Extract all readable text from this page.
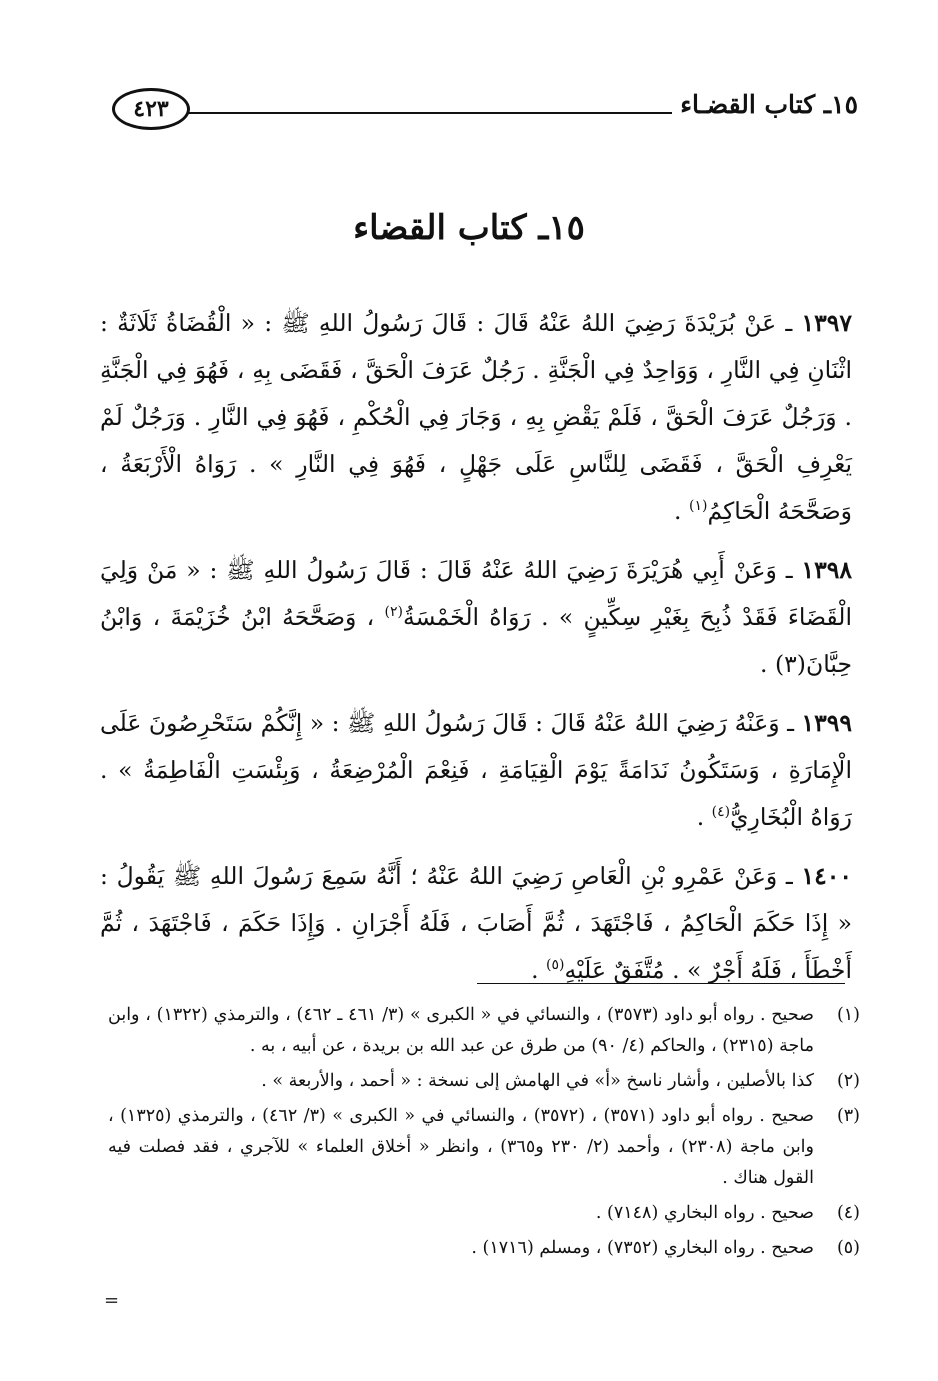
١٥ـ كتاب القضـاء
٤٢٣
١٥ـ كتاب القضاء

١٣٩٧ ـ عَنْ بُرَيْدَةَ رَضِيَ اللهُ عَنْهُ قَالَ : قَالَ رَسُولُ اللهِ ﷺ : « الْقُضَاةُ ثَلَاثَةٌ : اثْنَانِ فِي النَّارِ ، وَوَاحِدٌ فِي الْجَنَّةِ . رَجُلٌ عَرَفَ الْحَقَّ ، فَقَضَى بِهِ ، فَهُوَ فِي الْجَنَّةِ . وَرَجُلٌ عَرَفَ الْحَقَّ ، فَلَمْ يَقْضِ بِهِ ، وَجَارَ فِي الْحُكْمِ ، فَهُوَ فِي النَّارِ . وَرَجُلٌ لَمْ يَعْرِفِ الْحَقَّ ، فَقَضَى لِلنَّاسِ عَلَى جَهْلٍ ، فَهُوَ فِي النَّارِ » . رَوَاهُ الْأَرْبَعَةُ ، وَصَحَّحَهُ الْحَاكِمُ$^{(١)}$ .

١٣٩٨ ـ وَعَنْ أَبِي هُرَيْرَةَ رَضِيَ اللهُ عَنْهُ قَالَ : قَالَ رَسُولُ اللهِ ﷺ : « مَنْ وَلِيَ الْقَضَاءَ فَقَدْ ذُبِحَ بِغَيْرِ سِكِّينٍ » . رَوَاهُ الْخَمْسَةُ$^{(٢)}$ ، وَصَحَّحَهُ ابْنُ خُزَيْمَةَ ، وَابْنُ حِبَّانَ(٣) .

١٣٩٩ ـ وَعَنْهُ رَضِيَ اللهُ عَنْهُ قَالَ : قَالَ رَسُولُ اللهِ ﷺ : « إِنَّكُمْ سَتَحْرِصُونَ عَلَى الْإِمَارَةِ ، وَسَتَكُونُ نَدَامَةً يَوْمَ الْقِيَامَةِ ، فَنِعْمَ الْمُرْضِعَةُ ، وَبِئْسَتِ الْفَاطِمَةُ » . رَوَاهُ الْبُخَارِيُّ$^{(٤)}$ .

١٤٠٠ ـ وَعَنْ عَمْرِو بْنِ الْعَاصِ رَضِيَ اللهُ عَنْهُ ؛ أَنَّهُ سَمِعَ رَسُولَ اللهِ ﷺ يَقُولُ : « إِذَا حَكَمَ الْحَاكِمُ ، فَاجْتَهَدَ ، ثُمَّ أَصَابَ ، فَلَهُ أَجْرَانِ . وَإِذَا حَكَمَ ، فَاجْتَهَدَ ، ثُمَّ أَخْطَأَ ، فَلَهُ أَجْرٌ » . مُتَّفَقٌ عَلَيْهِ$^{(٥)}$ .

(١)
صحيح . رواه أبو داود (٣٥٧٣) ، والنسائي في « الكبرى » (٣/ ٤٦١ ـ ٤٦٢) ، والترمذي (١٣٢٢) ، وابن ماجة (٢٣١٥) ، والحاكم (٤/ ٩٠) من طرق عن عبد الله بن بريدة ، عن أبيه ، به .
(٢)
كذا بالأصلين ، وأشار ناسخ «أ» في الهامش إلى نسخة : « أحمد ، والأربعة » .
(٣)
صحيح . رواه أبو داود (٣٥٧١) ، (٣٥٧٢) ، والنسائي في « الكبرى » (٣/ ٤٦٢) ، والترمذي (١٣٢٥) ، وابن ماجة (٢٣٠٨) ، وأحمد (٢/ ٢٣٠ و٣٦٥) ، وانظر « أخلاق العلماء » للآجري ، فقد فصلت فيه القول هناك .
(٤)
صحيح . رواه البخاري (٧١٤٨) .
(٥)
صحيح . رواه البخاري (٧٣٥٢) ، ومسلم (١٧١٦) .
=
